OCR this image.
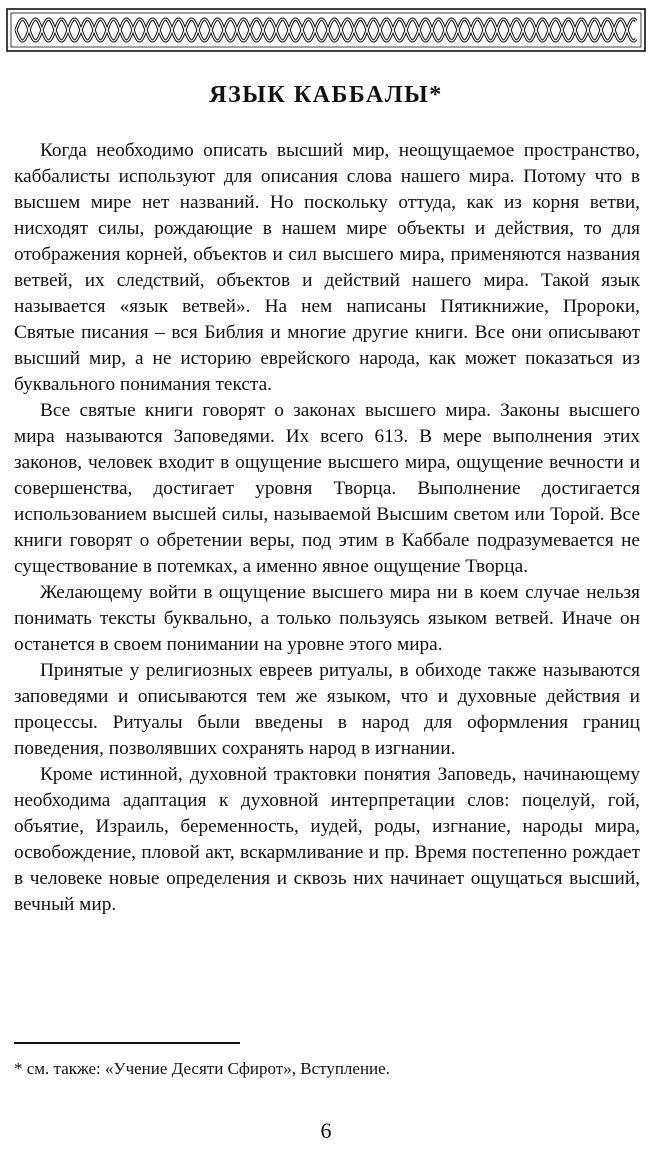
ЯЗЫК КАББАЛЫ*

Когда необходимо описать высший мир, неощущаемое пространство, каббалисты используют для описания слова нашего мира. Потому что в высшем мире нет названий. Но поскольку оттуда, как из корня ветви, нисходят силы, рождающие в нашем мире объекты и действия, то для отображения корней, объектов и сил высшего мира, применяются названия ветвей, их следствий, объектов и действий нашего мира. Такой язык называется «язык ветвей». На нем написаны Пятикнижие, Пророки, Святые писания – вся Библия и многие другие книги. Все они описывают высший мир, а не историю еврейского народа, как может показаться из буквального понимания текста.

Все святые книги говорят о законах высшего мира. Законы высшего мира называются Заповедями. Их всего 613. В мере выполнения этих законов, человек входит в ощущение высшего мира, ощущение вечности и совершенства, достигает уровня Творца. Выполнение достигается использованием высшей силы, называемой Высшим светом или Торой. Все книги говорят о обретении веры, под этим в Каббале подразумевается не существование в потемках, а именно явное ощущение Творца.

Желающему войти в ощущение высшего мира ни в коем случае нельзя понимать тексты буквально, а только пользуясь языком ветвей. Иначе он останется в своем понимании на уровне этого мира.

Принятые у религиозных евреев ритуалы, в обиходе также называются заповедями и описываются тем же языком, что и духовные действия и процессы. Ритуалы были введены в народ для оформления границ поведения, позволявших сохранять народ в изгнании.

Кроме истинной, духовной трактовки понятия Заповедь, начинающему необходима адаптация к духовной интерпретации слов: поцелуй, гой, объятие, Израиль, беременность, иудей, роды, изгнание, народы мира, освобождение, пловой акт, вскармливание и пр. Время постепенно рождает в человеке новые определения и сквозь них начинает ощущаться высший, вечный мир.

* см. также: «Учение Десяти Сфирот», Вступление.
6
